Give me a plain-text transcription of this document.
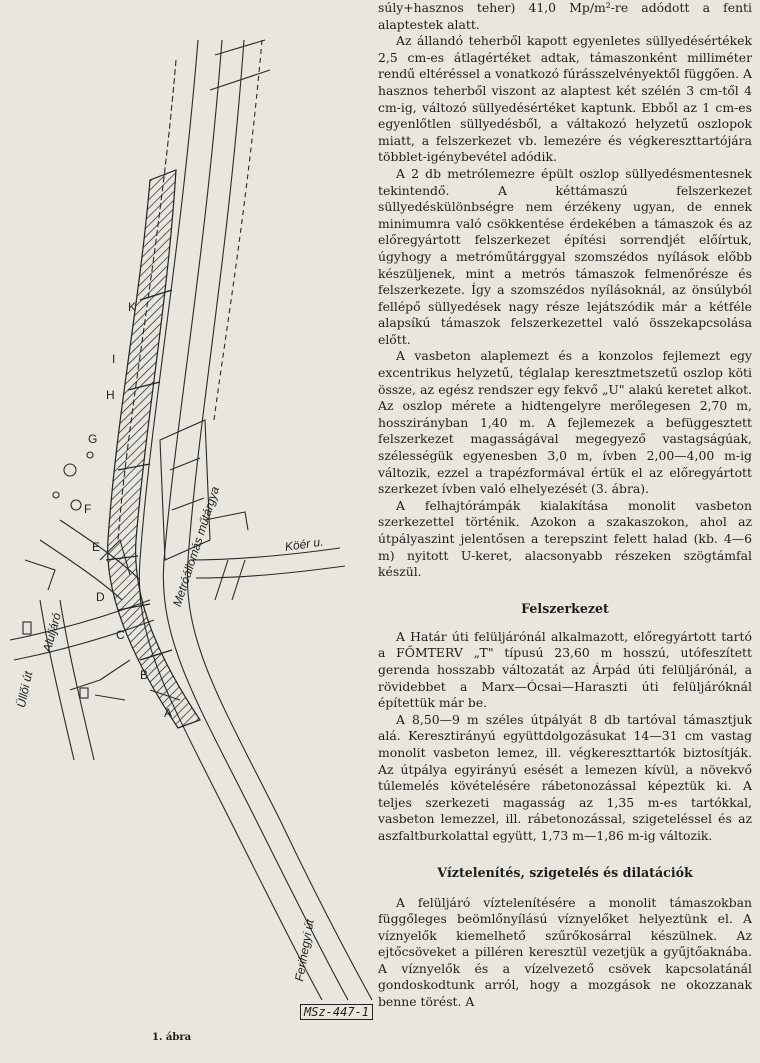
K
I
H
G
F
E
D
C
B
A
Metróállomás műtárgya	Köér u.
Aluljáró
Üllői út
Ferihegyi út
MSz-447-1
1. ábra

súly+hasznos teher) 41,0 Mp/m²-re adódott a fenti alaptestek alatt.

Az állandó teherből kapott egyenletes süllyedésértékek 2,5 cm-es átlagértéket adtak, támaszonként milliméter rendű eltéréssel a vonatkozó fúrásszelvényektől függően. A hasznos teherből viszont az alaptest két szélén 3 cm-től 4 cm-ig, változó süllyedésértéket kaptunk. Ebből az 1 cm-es egyenlőtlen süllyedésből, a váltakozó helyzetű oszlopok miatt, a felszerkezet vb. lemezére és végkereszttartójára többlet-igénybevétel adódik.

A 2 db metrólemezre épült oszlop süllyedésmentesnek tekintendő. A kéttámaszú felszerkezet süllyedéskülönbségre nem érzékeny ugyan, de ennek minimumra való csökkentése érdekében a támaszok és az előregyártott felszerkezet építési sorrendjét előírtuk, úgyhogy a metróműtárggyal szomszédos nyílások előbb készüljenek, mint a metrós támaszok felmenőrésze és felszerkezete. Így a szomszédos nyílásoknál, az önsúlyból fellépő süllyedések nagy része lejátszódik már a kétféle alapsíkú támaszok felszerkezettel való összekapcsolása előtt.

A vasbeton alaplemezt és a konzolos fejlemezt egy excentrikus helyzetű, téglalap keresztmetszetű oszlop köti össze, az egész rendszer egy fekvő „U" alakú keretet alkot. Az oszlop mérete a hidtengelyre merőlegesen 2,70 m, hosszirányban 1,40 m. A fejlemezek a befüggesztett felszerkezet magasságával megegyező vastagságúak, szélességük egyenesben 3,0 m, ívben 2,00—4,00 m-ig változik, ezzel a trapézformával értük el az előregyártott szerkezet ívben való elhelyezését (3. ábra).

A felhajtórámpák kialakítása monolit vasbeton szerkezettel történik. Azokon a szakaszokon, ahol az útpályaszint jelentősen a terepszint felett halad (kb. 4—6 m) nyitott U-keret, alacsonyabb részeken szögtámfal készül.

Felszerkezet

A Határ úti felüljárónál alkalmazott, előregyártott tartó a FŐMTERV „T" típusú 23,60 m hosszú, utófeszített gerenda hosszabb változatát az Árpád úti felüljárónál, a rövidebbet a Marx—Ócsai—Haraszti úti felüljáróknál építettük már be.

A 8,50—9 m széles útpályát 8 db tartóval támasztjuk alá. Keresztirányú együttdolgozásukat 14—31 cm vastag monolit vasbeton lemez, ill. végkereszttartók biztosítják. Az útpálya egyirányú esését a lemezen kívül, a növekvő túlemelés kövételésére rábetonozással képeztük ki. A teljes szerkezeti magasság az 1,35 m-es tartókkal, vasbeton lemezzel, ill. rábetonozással, szigeteléssel és az aszfaltburkolattal együtt, 1,73 m—1,86 m-ig változik.

Víztelenítés, szigetelés és dilatációk

A felüljáró víztelenítésére a monolit támaszokban függőleges beömlőnyílású víznyelőket helyeztünk el. A víznyelők kiemelhető szűrőkosárral készülnek. Az ejtőcsöveket a pilléren keresztül vezetjük a gyűjtőaknába. A víznyelők és a vízelvezető csövek kapcsolatánál gondoskodtunk arról, hogy a mozgások ne okozzanak benne törést. A
